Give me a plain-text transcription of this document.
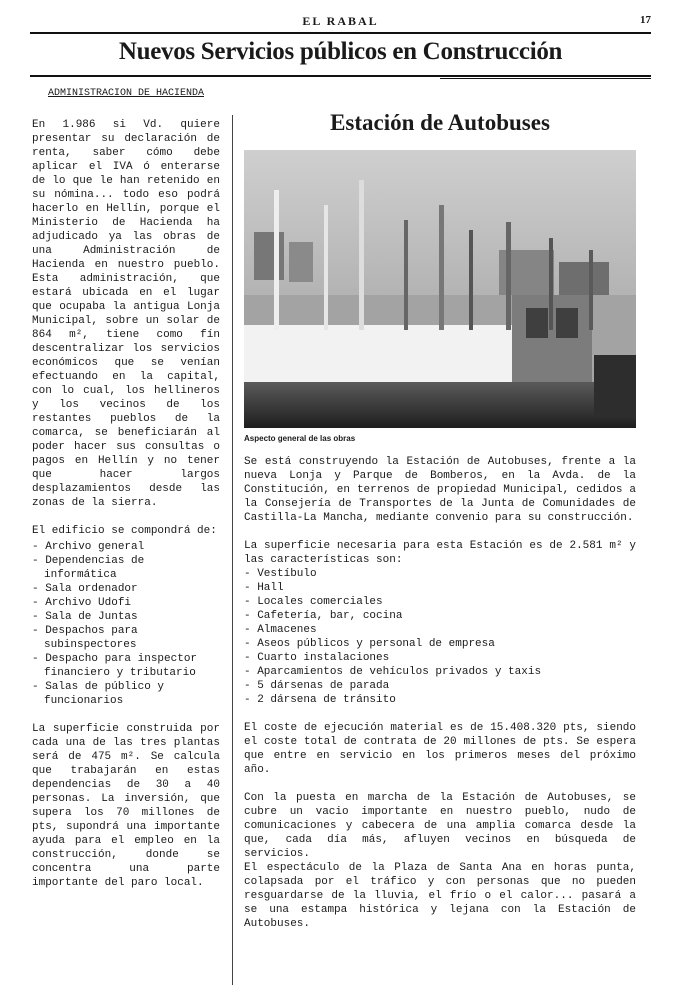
EL RABAL	17
Nuevos Servicios públicos en Construcción
ADMINISTRACION DE HACIENDA

En 1.986 si Vd. quiere presentar su declaración de renta, saber cómo debe aplicar el IVA ó enterarse de lo que le han retenido en su nómina... todo eso podrá hacerlo en Hellín, porque el Ministerio de Hacienda ha adjudicado ya las obras de una Administración de Hacienda en nuestro pueblo. Esta administración, que estará ubicada en el lugar que ocupaba la antigua Lonja Municipal, sobre un solar de 864 m², tiene como fín descentralizar los servicios económicos que se venían efectuando en la capital, con lo cual, los hellineros y los vecinos de los restantes pueblos de la comarca, se beneficiarán al poder hacer sus consultas o pagos en Hellín y no tener que hacer largos desplazamientos desde las zonas de la sierra.

El edificio se compondrá de:

- Archivo general
- Dependencias de informática
- Sala ordenador
- Archivo Udofi
- Sala de Juntas
- Despachos para subinspectores
- Despacho para inspector financiero y tributario
- Salas de público y funcionarios

La superficie construida por cada una de las tres plantas será de 475 m². Se calcula que trabajarán en estas dependencias de 30 a 40 personas. La inversión, que supera los 70 millones de pts, supondrá una importante ayuda para el empleo en la construcción, donde se concentra una parte importante del paro local.

Estación de Autobuses
Aspecto general de las obras

Se está construyendo la Estación de Autobuses, frente a la nueva Lonja y Parque de Bomberos, en la Avda. de la Constitución, en terrenos de propiedad Municipal, cedidos a la Consejería de Transportes de la Junta de Comunidades de Castilla-La Mancha, mediante convenio para su construcción.

La superficie necesaria para esta Estación es de 2.581 m² y las características son:

- Vestíbulo
- Hall
- Locales comerciales
- Cafetería, bar, cocina
- Almacenes
- Aseos públicos y personal de empresa
- Cuarto instalaciones
- Aparcamientos de vehículos privados y taxis
- 5 dársenas de parada
- 2 dársena de tránsito

El coste de ejecución material es de 15.408.320 pts, siendo el coste total de contrata de 20 millones de pts. Se espera que entre en servicio en los primeros meses del próximo año.

Con la puesta en marcha de la Estación de Autobuses, se cubre un vacio importante en nuestro pueblo, nudo de comunicaciones y cabecera de una amplia comarca desde la que, cada día más, afluyen vecinos en búsqueda de servicios.

El espectáculo de la Plaza de Santa Ana en horas punta, colapsada por el tráfico y con personas que no pueden resguardarse de la lluvia, el frío o el calor... pasará a se una estampa histórica y lejana con la Estación de Autobuses.
